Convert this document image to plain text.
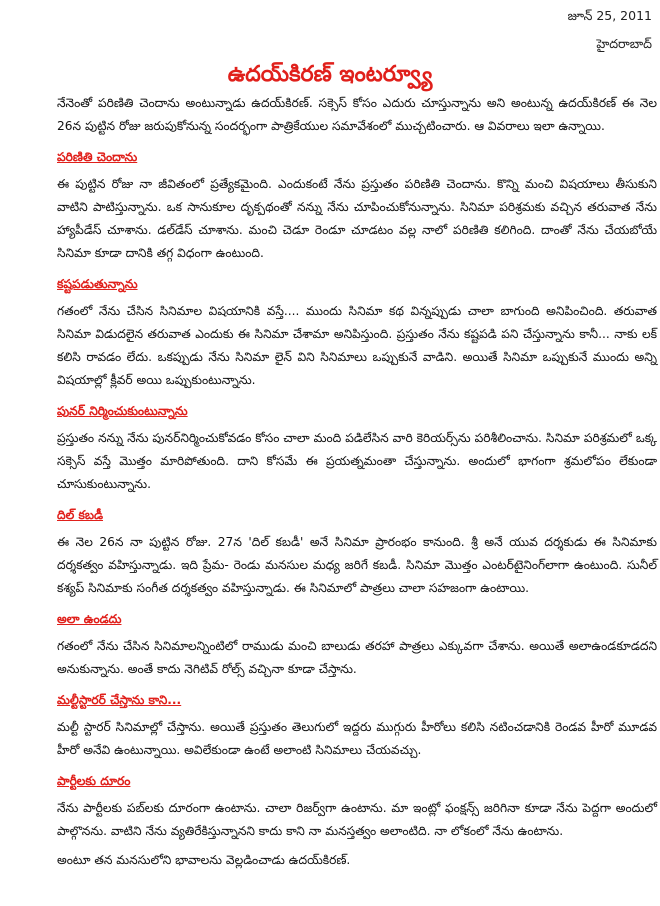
జూన్ 25, 2011
హైదరాబాద్
ఉదయ్‌కిరణ్ ఇంటర్వ్యూ

నేనెంతో పరిణితి చెందాను అంటున్నాడు ఉదయ్‌కిరణ్. సక్సెస్ కోసం ఎదురు చూస్తున్నాను అని అంటున్న ఉదయ్‌కిరణ్ ఈ నెల 26న పుట్టిన రోజు జరుపుకోనున్న సందర్భంగా పాత్రికేయుల సమావేశంలో ముచ్చటించారు. ఆ వివరాలు ఇలా ఉన్నాయి.

పరిణితి చెందాను

ఈ పుట్టిన రోజు నా జీవితంలో ప్రత్యేకమైంది. ఎందుకంటే నేను ప్రస్తుతం పరిణితి చెందాను. కొన్ని మంచి విషయాలు తీసుకుని వాటిని పాటిస్తున్నాను. ఒక సానుకూల దృక్పథంతో నన్ను నేను చూపించుకోనున్నాను. సినిమా పరిశ్రమకు వచ్చిన తరువాత నేను హ్యాపీడేస్ చూశాను. డల్‌డేస్ చూశాను. మంచి చెడూ రెండూ చూడటం వల్ల నాలో పరిణితి కలిగింది. దాంతో నేను చేయబోయే సినిమా కూడా దానికి తగ్గ విధంగా ఉంటుంది.

కష్టపడుతున్నాను

గతంలో నేను చేసిన సినిమాల విషయానికి వస్తే.... ముందు సినిమా కథ విన్నప్పుడు చాలా బాగుంది అనిపించింది. తరువాత సినిమా విడుదలైన తరువాత ఎందుకు ఈ సినిమా చేశామా అనిపిస్తుంది. ప్రస్తుతం నేను కష్టపడి పని చేస్తున్నాను కానీ... నాకు లక్ కలిసి రావడం లేదు. ఒకప్పుడు నేను సినిమా లైన్ విని సినిమాలు ఒప్పుకునే వాడిని. అయితే సినిమా ఒప్పుకునే ముందు అన్ని విషయాల్లో క్లీవర్ అయి ఒప్పుకుంటున్నాను.

పునర్ నిర్మించుకుంటున్నాను

ప్రస్తుతం నన్ను నేను పునర్‌నిర్మించుకోవడం కోసం చాలా మంది పడిలేసిన వారి కెరియర్స్‌ను పరిశీలించాను. సినిమా పరిశ్రమలో ఒక్క సక్సెస్ వస్తే మొత్తం మారిపోతుంది. దాని కోసమే ఈ ప్రయత్నమంతా చేస్తున్నాను. అందులో భాగంగా శ్రమలోపం లేకుండా చూసుకుంటున్నాను.

దిల్ కబడీ

ఈ నెల 26న నా పుట్టిన రోజు. 27న 'దిల్ కబడీ' అనే సినిమా ప్రారంభం కానుంది. శ్రీ అనే యువ దర్శకుడు ఈ సినిమాకు దర్శకత్వం వహిస్తున్నాడు. ఇది ప్రేమ- రెండు మనసుల మధ్య జరిగే కబడీ. సినిమా మొత్తం ఎంటర్‌టైనింగ్‌లాగా ఉంటుంది. సునీల్ కశ్యప్ సినిమాకు సంగీత దర్శకత్వం వహిస్తున్నాడు. ఈ సినిమాలో పాత్రలు చాలా సహజంగా ఉంటాయి.

అలా ఉండదు

గతంలో నేను చేసిన సినిమాలన్నింటిలో రాముడు మంచి బాలుడు తరహా పాత్రలు ఎక్కువగా చేశాను. అయితే అలాఉండకూడదని అనుకున్నాను. అంతే కాదు నెగిటివ్ రోల్స్ వచ్చినా కూడా చేస్తాను.

మల్టీస్టారర్ చేస్తాను కాని...

మల్టీ స్టారర్ సినిమాల్లో చేస్తాను. అయితే ప్రస్తుతం తెలుగులో ఇద్దరు ముగ్గురు హీరోలు కలిసి నటించడానికి రెండవ హీరో మూడవ హీరో అనేవి ఉంటున్నాయి. అవిలేకుండా ఉంటే అలాంటి సినిమాలు చేయవచ్చు.

పార్టీలకు దూరం

నేను పార్టీలకు పబ్‌లకు దూరంగా ఉంటాను. చాలా రిజర్వ్‌గా ఉంటాను. మా ఇంట్లో ఫంక్షన్స్ జరిగినా కూడా నేను పెద్దగా అందులో పాల్గొనను. వాటిని నేను వ్యతిరేకిస్తున్నానని కాదు కాని నా మనస్తత్వం అలాంటిది. నా లోకంలో నేను ఉంటాను.

అంటూ తన మనసులోని భావాలను వెల్లడించాడు ఉదయ్‌కిరణ్.
